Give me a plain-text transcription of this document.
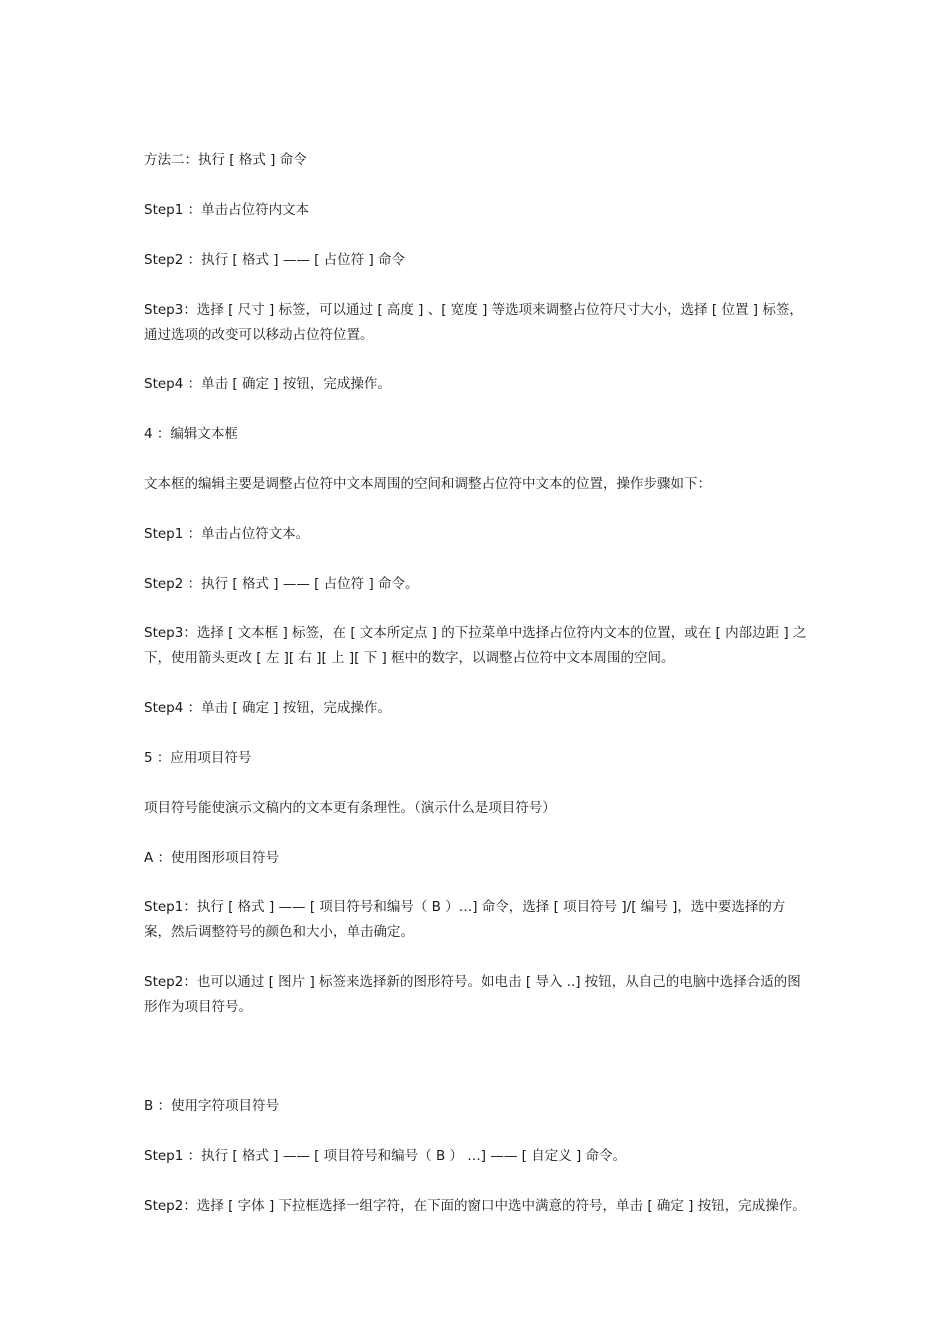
方法二：执行 [ 格式 ] 命令

Step1 ：单击占位符内文本

Step2 ：执行 [ 格式 ] —— [ 占位符 ] 命令

Step3：选择 [ 尺寸 ] 标签，可以通过 [ 高度 ] 、[ 宽度 ] 等选项来调整占位符尺寸大小，选择 [ 位置 ] 标签，通过选项的改变可以移动占位符位置。

Step4 ：单击 [ 确定 ] 按钮，完成操作。

4 ：编辑文本框

文本框的编辑主要是调整占位符中文本周围的空间和调整占位符中文本的位置，操作步骤如下：

Step1 ：单击占位符文本。

Step2 ：执行 [ 格式 ] —— [ 占位符 ] 命令。

Step3：选择 [ 文本框 ] 标签，在 [ 文本所定点 ] 的下拉菜单中选择占位符内文本的位置，或在 [ 内部边距 ] 之下，使用箭头更改 [ 左 ][ 右 ][ 上 ][ 下 ] 框中的数字，以调整占位符中文本周围的空间。

Step4 ：单击 [ 确定 ] 按钮，完成操作。

5 ：应用项目符号

项目符号能使演示文稿内的文本更有条理性。（演示什么是项目符号）

A ：使用图形项目符号

Step1：执行 [ 格式 ] —— [ 项目符号和编号（ B ）…] 命令，选择 [ 项目符号 ]/[ 编号 ]，选中要选择的方案，然后调整符号的颜色和大小，单击确定。

Step2：也可以通过 [ 图片 ] 标签来选择新的图形符号。如电击 [ 导入 ..] 按钮，从自己的电脑中选择合适的图形作为项目符号。

B ：使用字符项目符号

Step1 ：执行 [ 格式 ] —— [ 项目符号和编号（ B ） …] —— [ 自定义 ] 命令。

Step2：选择 [ 字体 ] 下拉框选择一组字符，在下面的窗口中选中满意的符号，单击 [ 确定 ] 按钮，完成操作。
